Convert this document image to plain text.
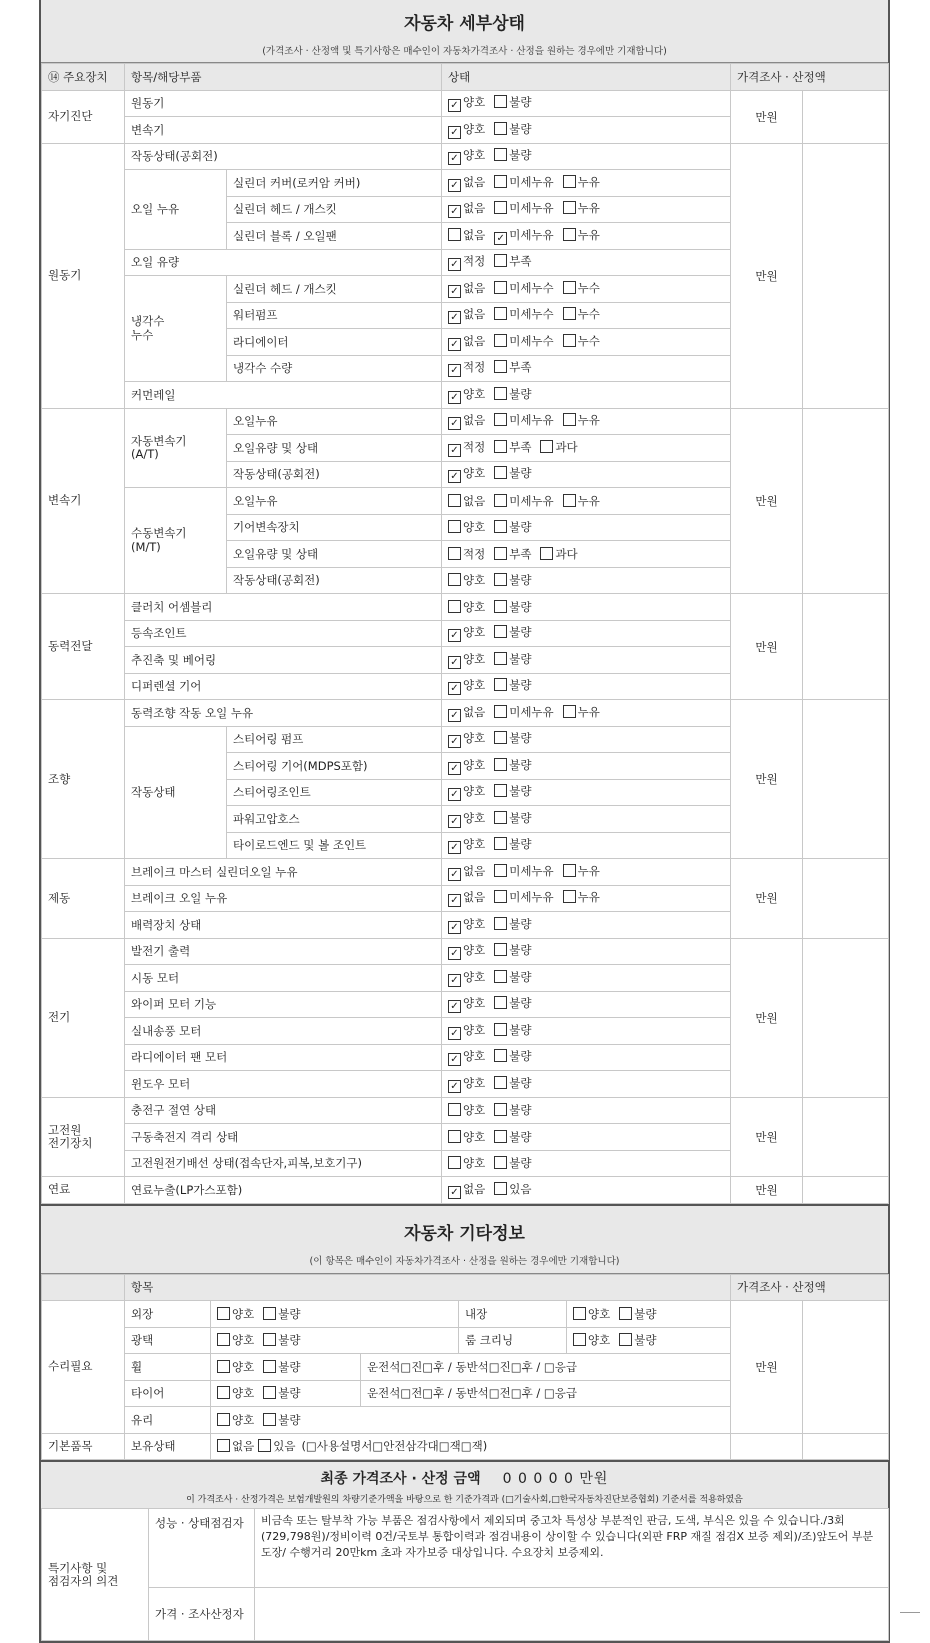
자동차 세부상태
(가격조사 · 산정액 및 특기사항은 매수인이 자동차가격조사 · 산정을 원하는 경우에만 기재합니다)
⑭ 주요장치	항목/해당부품		상태	가격조사 · 산정액	
자기진단	원동기		✓ 양호 불량	만원	
	변속기		✓ 양호 불량		
원동기	작동상태(공회전)		✓ 양호 불량	만원	
	오일 누유	실린더 커버(로커암 커버)	✓ 없음 미세누유 누유		
		실린더 헤드 / 개스킷	✓ 없음 미세누유 누유		
		실린더 블록 / 오일팬	없음 ✓ 미세누유 누유		
	오일 유량		✓ 적정 부족		
	냉각수
누수	실린더 헤드 / 개스킷	✓ 없음 미세누수 누수		
		워터펌프	✓ 없음 미세누수 누수		
		라디에이터	✓ 없음 미세누수 누수		
		냉각수 수량	✓ 적정 부족		
	커먼레일		✓ 양호 불량		
변속기	자동변속기
(A/T)	오일누유	✓ 없음 미세누유 누유	만원	
		오일유량 및 상태	✓ 적정 부족 과다		
		작동상태(공회전)	✓ 양호 불량		
	수동변속기
(M/T)	오일누유	없음 미세누유 누유		
		기어변속장치	양호 불량		
		오일유량 및 상태	적정 부족 과다		
		작동상태(공회전)	양호 불량		
동력전달	클러치 어셈블리		양호 불량	만원	
	등속조인트		✓ 양호 불량		
	추진축 및 베어링		✓ 양호 불량		
	디퍼렌셜 기어		✓ 양호 불량		
조향	동력조향 작동 오일 누유		✓ 없음 미세누유 누유	만원	
	작동상태	스티어링 펌프	✓ 양호 불량		
		스티어링 기어(MDPS포함)	✓ 양호 불량		
		스티어링조인트	✓ 양호 불량		
		파워고압호스	✓ 양호 불량		
		타이로드엔드 및 볼 조인트	✓ 양호 불량		
제동	브레이크 마스터 실린더오일 누유		✓ 없음 미세누유 누유	만원	
	브레이크 오일 누유		✓ 없음 미세누유 누유		
	배력장치 상태		✓ 양호 불량		
전기	발전기 출력		✓ 양호 불량	만원	
	시동 모터		✓ 양호 불량		
	와이퍼 모터 기능		✓ 양호 불량		
	실내송풍 모터		✓ 양호 불량		
	라디에이터 팬 모터		✓ 양호 불량		
	윈도우 모터		✓ 양호 불량		
고전원
전기장치	충전구 절연 상태		양호 불량	만원	
	구동축전지 격리 상태		양호 불량		
	고전원전기배선 상태(접속단자,피복,보호기구)		양호 불량		
연료	연료누출(LP가스포함)		✓ 없음 있음	만원	
자동차 기타정보
(이 항목은 매수인이 자동차가격조사 · 산정을 원하는 경우에만 기재합니다)
	항목					가격조사 · 산정액	
수리필요	외장	양호 불량		내장	양호 불량	만원	
	광택	양호 불량		룸 크리닝	양호 불량		
	휠	양호 불량	운전석□진□후 / 동반석□진□후 / □응급				
	타이어	양호 불량	운전석□전□후 / 동반석□전□후 / □응급				
	유리	양호 불량					
기본품목	보유상태	없음 있음 (□사용설명서□안전삼각대□잭□잭)					
최종 가격조사 · 산정 금액 0 0 0 0 0 만원
이 가격조사 · 산정가격은 보험개발원의 차량기준가액을 바탕으로 한 기준가격과 (□기술사회,□한국자동차진단보증협회) 기준서를 적용하였음
특기사항 및
점검자의 의견	성능 · 상태점검자	비금속 또는 탈부착 가능 부품은 점검사항에서 제외되며 중고차 특성상 부분적인 판금, 도색, 부식은 있을 수 있습니다./3회(729,798원)/정비이력 0건/국토부 통합이력과 점검내용이 상이할 수 있습니다(외판 FRP 재질 점검X 보증 제외)/조)앞도어 부분도장/ 수행거리 20만km 초과 자가보증 대상입니다. 수요장치 보증제외.
	가격 · 조사산정자	
